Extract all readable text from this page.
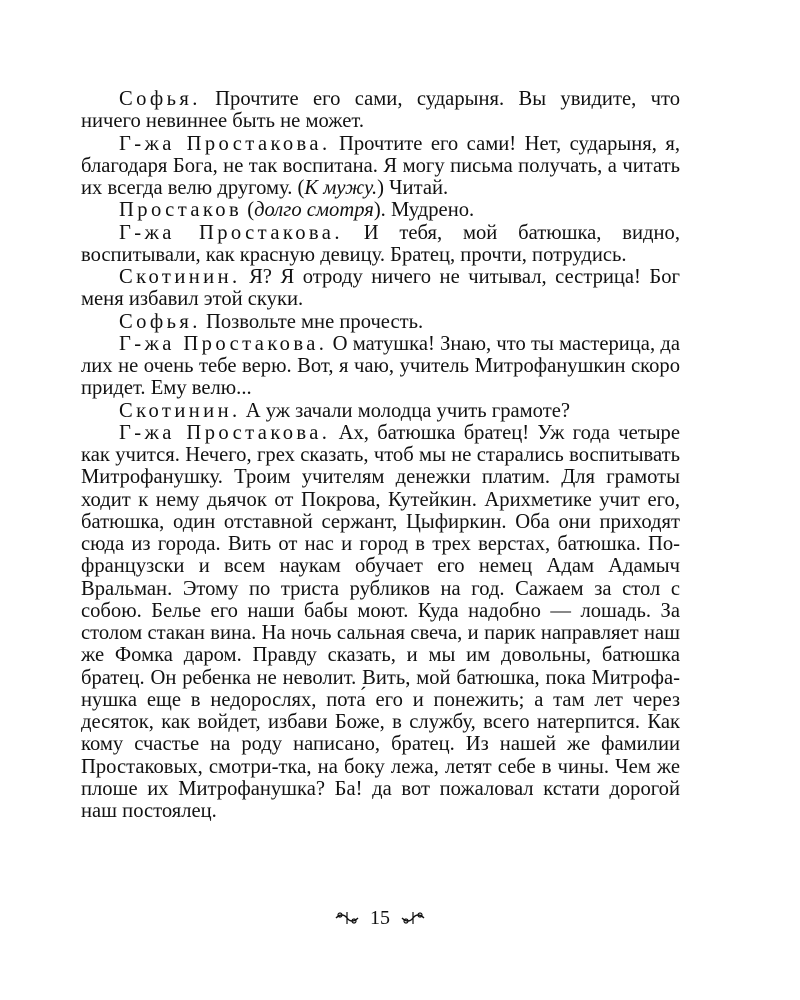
Софья. Прочтите его сами, сударыня. Вы увидите, что ничего невиннее быть не может.

Г-жа Простакова. Прочтите его сами! Нет, сударыня, я, благодаря Бога, не так воспитана. Я могу письма получать, а читать их всегда велю другому. (К мужу.) Читай.

Простаков (долго смотря). Мудрено.

Г-жа Простакова. И тебя, мой батюшка, видно, воспитывали, как красную девицу. Братец, прочти, потрудись.

Скотинин. Я? Я отроду ничего не читывал, сестрица! Бог меня избавил этой скуки.

Софья. Позвольте мне прочесть.

Г-жа Простакова. О матушка! Знаю, что ты мастерица, да лих не очень тебе верю. Вот, я чаю, учитель Митрофанушкин скоро придет. Ему велю...

Скотинин. А уж зачали молодца учить грамоте?

Г-жа Простакова. Ах, батюшка братец! Уж года четыре как учится. Нечего, грех сказать, чтоб мы не старались воспитывать Митрофанушку. Троим учителям денежки платим. Для грамоты ходит к нему дьячок от Покрова, Кутейкин. Арихметике учит его, батюшка, один отставной сержант, Цыфиркин. Оба они приходят сюда из города. Вить от нас и город в трех верстах, батюшка. По-французски и всем наукам обучает его немец Адам Адамыч Вральман. Этому по триста рубликов на год. Сажаем за стол с собою. Белье его наши бабы моют. Куда надобно — лошадь. За столом стакан вина. На ночь сальная свеча, и парик направляет наш же Фомка даром. Правду сказать, и мы им довольны, батюшка братец. Он ребенка не неволит. Вить, мой батюшка, пока Митрофанушка еще в недорослях, пота́ его и понежить; а там лет через десяток, как войдет, избави Боже, в службу, всего натерпится. Как кому счастье на роду написано, братец. Из нашей же фамилии Простаковых, смотри-тка, на боку лежа, летят себе в чины. Чем же плоше их Митрофанушка? Ба! да вот пожаловал кстати дорогой наш постоялец.

15
